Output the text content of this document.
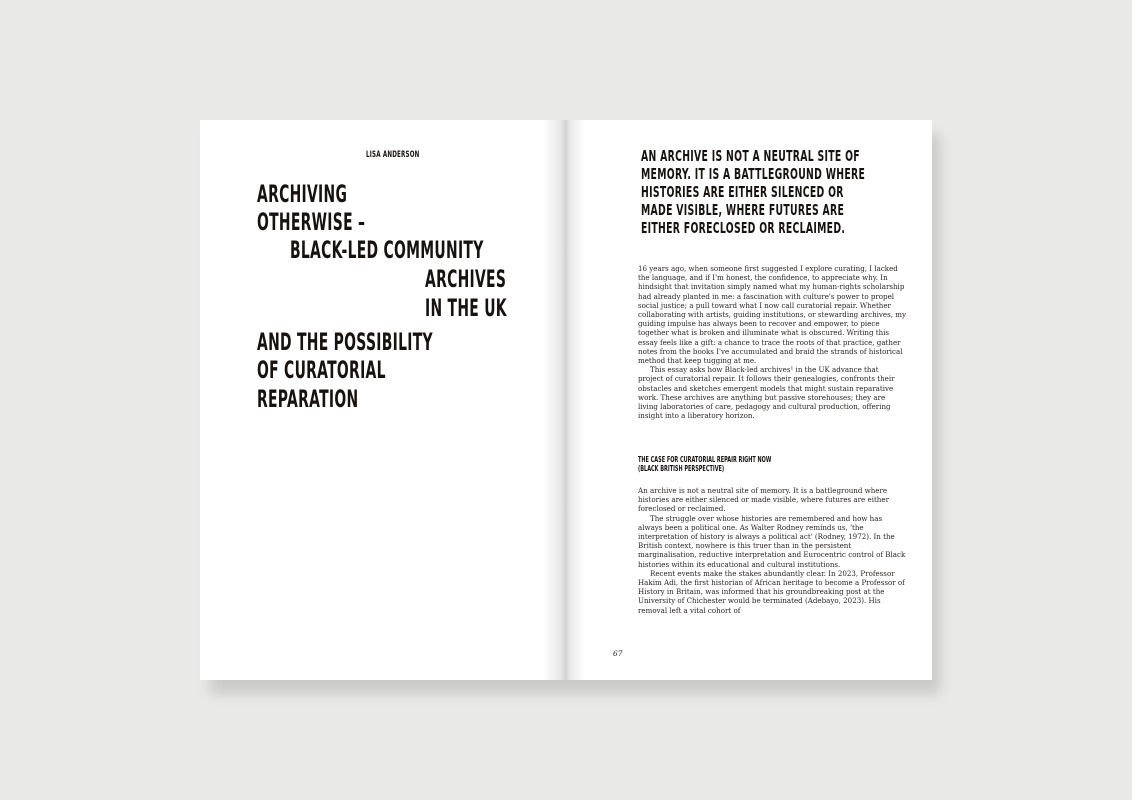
LISA ANDERSON
ARCHIVING
OTHERWISE –
BLACK-LED COMMUNITY
ARCHIVES
IN THE UK
AND THE POSSIBILITY
OF CURATORIAL
REPARATION
AN ARCHIVE IS NOT A NEUTRAL SITE OF
MEMORY. IT IS A BATTLEGROUND WHERE
HISTORIES ARE EITHER SILENCED OR
MADE VISIBLE, WHERE FUTURES ARE
EITHER FORECLOSED OR RECLAIMED.

16 years ago, when someone first suggested I explore curating, I lacked the language, and if I'm honest, the confidence, to appreciate why. In hindsight that invitation simply named what my human-rights scholarship had already planted in me: a fascination with culture's power to propel social justice; a pull toward what I now call curatorial repair. Whether collaborating with artists, guiding institutions, or stewarding archives, my guiding impulse has always been to recover and empower, to piece together what is broken and illuminate what is obscured. Writing this essay feels like a gift: a chance to trace the roots of that practice, gather notes from the books I've accumulated and braid the strands of historical method that keep tugging at me.

This essay asks how Black-led archives¹ in the UK advance that project of curatorial repair. It follows their genealogies, confronts their obstacles and sketches emergent models that might sustain reparative work. These archives are anything but passive storehouses; they are living laboratories of care, pedagogy and cultural production, offering insight into a liberatory horizon.

THE CASE FOR CURATORIAL REPAIR RIGHT NOW
(BLACK BRITISH PERSPECTIVE)

An archive is not a neutral site of memory. It is a battleground where histories are either silenced or made visible, where futures are either foreclosed or reclaimed.

The struggle over whose histories are remembered and how has always been a political one. As Walter Rodney reminds us, 'the interpretation of history is always a political act' (Rodney, 1972). In the British context, nowhere is this truer than in the persistent marginalisation, reductive interpretation and Eurocentric control of Black histories within its educational and cultural institutions.

Recent events make the stakes abundantly clear. In 2023, Professor Hakim Adi, the first historian of African heritage to become a Professor of History in Britain, was informed that his groundbreaking post at the University of Chichester would be terminated (Adebayo, 2023). His removal left a vital cohort of

67
